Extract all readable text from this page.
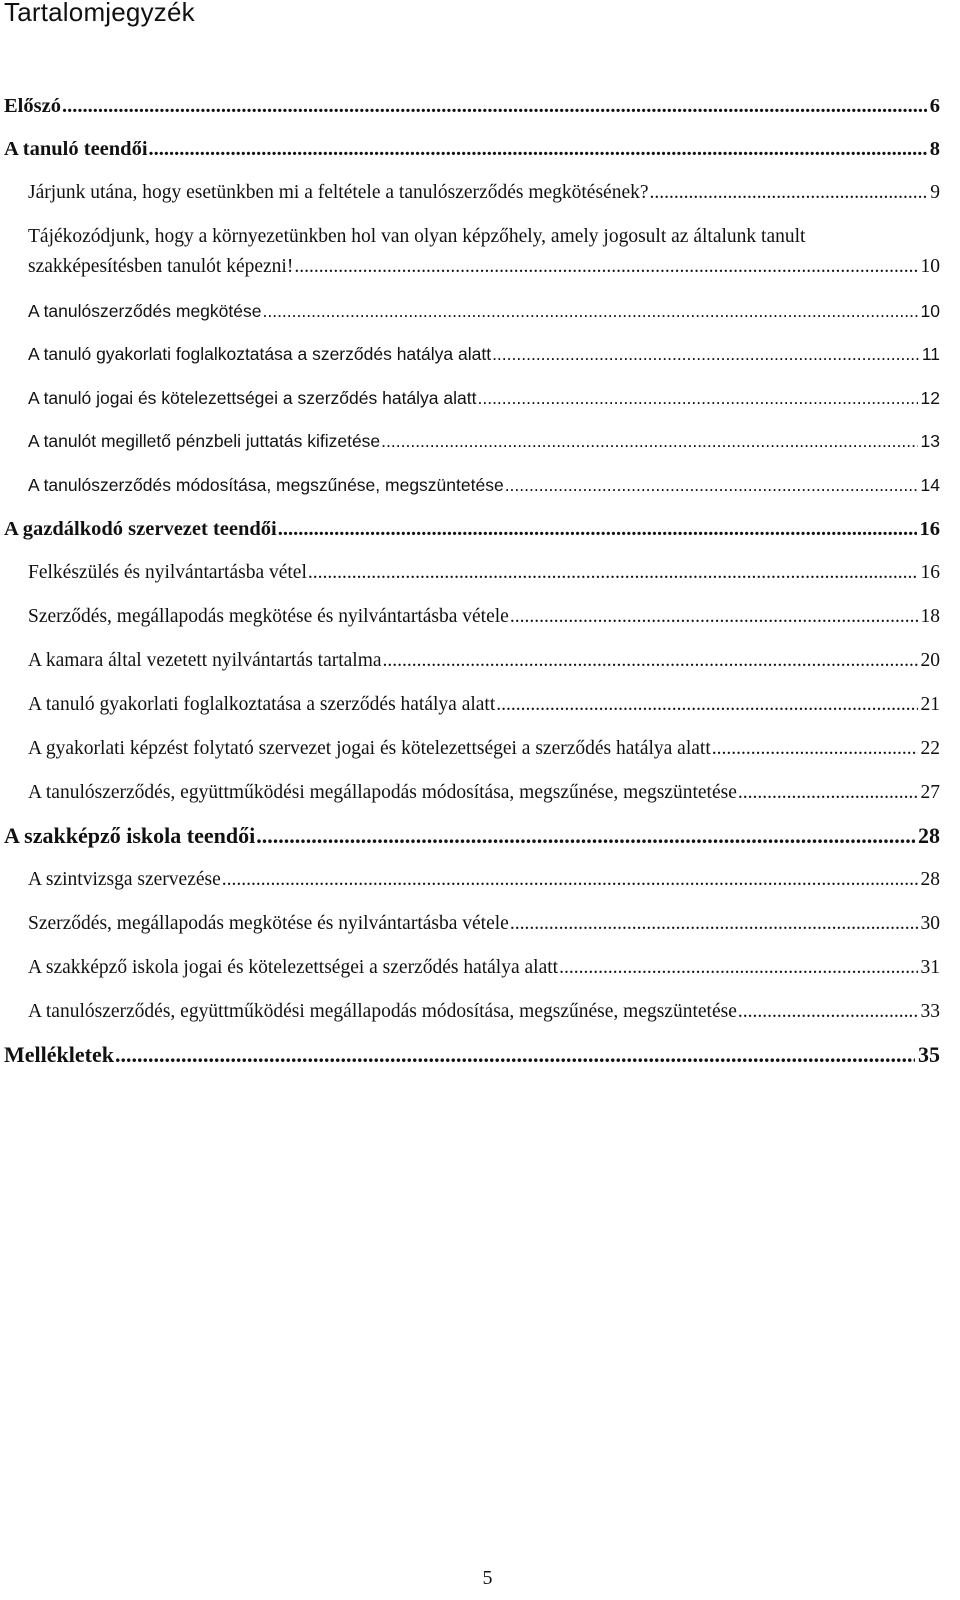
Tartalomjegyzék
Előszó .....	6
A tanuló teendői .....	8
Járjunk utána, hogy esetünkben mi a feltétele a tanulószerződés megkötésének? .....	9
Tájékozódjunk, hogy a környezetünkben hol van olyan képzőhely, amely jogosult az általunk tanult
szakképesítésben tanulót képezni! .....	10
A tanulószerződés megkötése .....	10
A tanuló gyakorlati foglalkoztatása a szerződés hatálya alatt .....	11
A tanuló jogai és kötelezettségei a szerződés hatálya alatt .....	12
A tanulót megillető pénzbeli juttatás kifizetése .....	13
A tanulószerződés módosítása, megszűnése, megszüntetése .....	14
A gazdálkodó szervezet teendői .....	16
Felkészülés és nyilvántartásba vétel .....	16
Szerződés, megállapodás megkötése és nyilvántartásba vétele .....	18
A kamara által vezetett nyilvántartás tartalma .....	20
A tanuló gyakorlati foglalkoztatása a szerződés hatálya alatt .....	21
A gyakorlati képzést folytató szervezet jogai és kötelezettségei a szerződés hatálya alatt .....	22
A tanulószerződés, együttműködési megállapodás módosítása, megszűnése, megszüntetése .....	27
A szakképző iskola teendői .....	28
A szintvizsga szervezése .....	28
Szerződés, megállapodás megkötése és nyilvántartásba vétele .....	30
A szakképző iskola jogai és kötelezettségei a szerződés hatálya alatt .....	31
A tanulószerződés, együttműködési megállapodás módosítása, megszűnése, megszüntetése .....	33
Mellékletek .....	35
5
